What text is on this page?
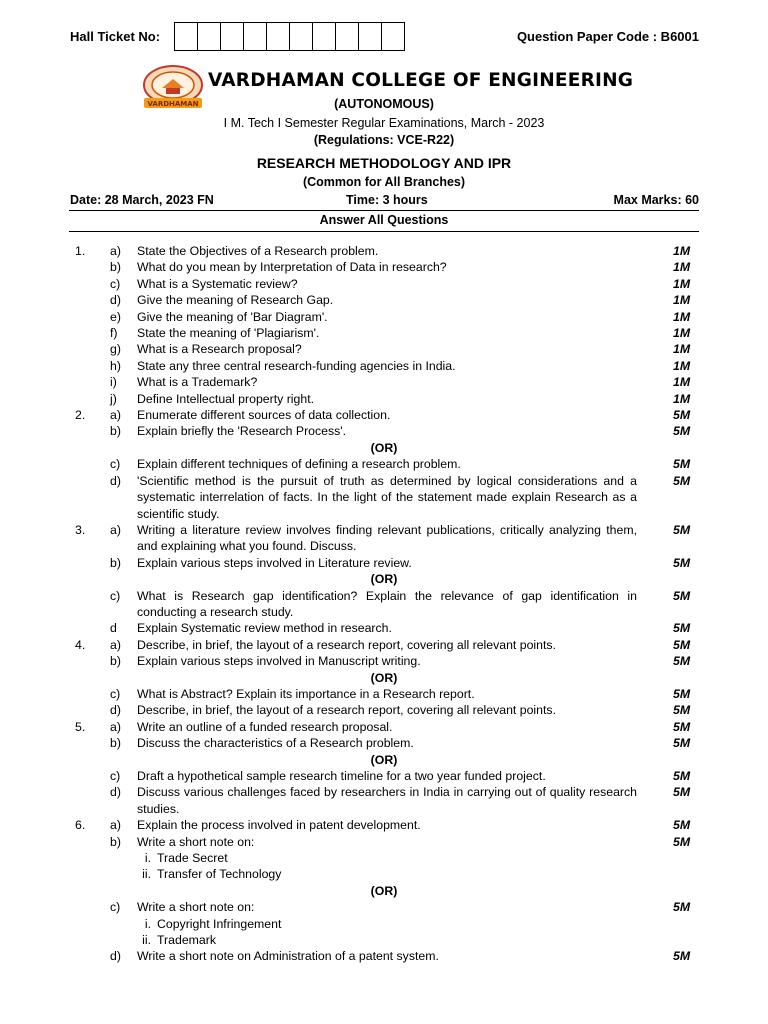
Hall Ticket No:	Question Paper Code : B6001
VARDHAMAN
VARDHAMAN COLLEGE OF ENGINEERING
(AUTONOMOUS)
I M. Tech I Semester Regular Examinations, March - 2023
(Regulations: VCE-R22)
RESEARCH METHODOLOGY AND IPR
(Common for All Branches)
Date: 28 March, 2023 FN	Time: 3 hours	Max Marks: 60
Answer All Questions
1. a) State the Objectives of a Research problem.	1M
b) What do you mean by Interpretation of Data in research?	1M
c) What is a Systematic review?	1M
d) Give the meaning of Research Gap.	1M
e) Give the meaning of 'Bar Diagram'.	1M
f) State the meaning of 'Plagiarism'.	1M
g) What is a Research proposal?	1M
h) State any three central research-funding agencies in India.	1M
i) What is a Trademark?	1M
j) Define Intellectual property right.	1M
2. a) Enumerate different sources of data collection.	5M
b) Explain briefly the 'Research Process'.	5M
(OR)
c) Explain different techniques of defining a research problem.	5M
d) 'Scientific method is the pursuit of truth as determined by logical considerations and a systematic interrelation of facts. In the light of the statement made explain Research as a scientific study.
5M
3. a) Writing a literature review involves finding relevant publications, critically analyzing them, and explaining what you found. Discuss.
5M
b) Explain various steps involved in Literature review.	5M
(OR)
c) What is Research gap identification? Explain the relevance of gap identification in conducting a research study.
5M
d Explain Systematic review method in research.	5M
4. a) Describe, in brief, the layout of a research report, covering all relevant points.	5M
b) Explain various steps involved in Manuscript writing.	5M
(OR)
c) What is Abstract? Explain its importance in a Research report.	5M
d) Describe, in brief, the layout of a research report, covering all relevant points.	5M
5. a) Write an outline of a funded research proposal.	5M
b) Discuss the characteristics of a Research problem.	5M
(OR)
c) Draft a hypothetical sample research timeline for a two year funded project.	5M
d) Discuss various challenges faced by researchers in India in carrying out of quality research studies.
5M
6. a) Explain the process involved in patent development.	5M
b) Write a short note on:	5M
i. Trade Secret
ii. Transfer of Technology
(OR)
c) Write a short note on:	5M
i. Copyright Infringement
ii. Trademark
d) Write a short note on Administration of a patent system.	5M
